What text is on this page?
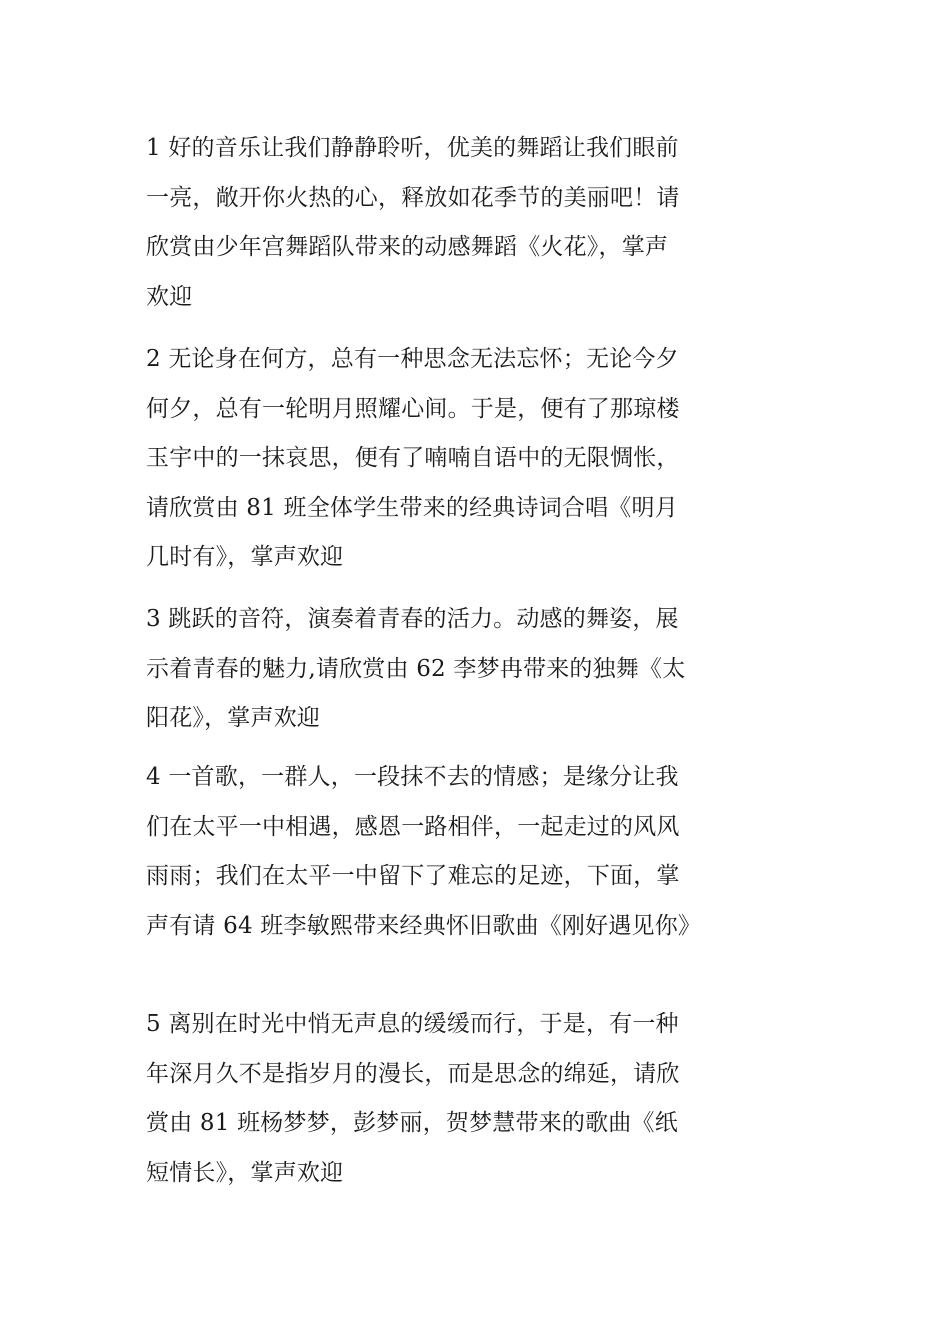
1 好的音乐让我们静静聆听，优美的舞蹈让我们眼前
一亮，敞开你火热的心，释放如花季节的美丽吧！请
欣赏由少年宫舞蹈队带来的动感舞蹈《火花》，掌声
欢迎

2 无论身在何方，总有一种思念无法忘怀；无论今夕
何夕，总有一轮明月照耀心间。于是，便有了那琼楼
玉宇中的一抹哀思，便有了喃喃自语中的无限惆怅，
请欣赏由 81 班全体学生带来的经典诗词合唱《明月
几时有》，掌声欢迎

3 跳跃的音符，演奏着青春的活力。动感的舞姿，展
示着青春的魅力,请欣赏由 62 李梦冉带来的独舞《太
阳花》，掌声欢迎

4 一首歌，一群人，一段抹不去的情感；是缘分让我
们在太平一中相遇，感恩一路相伴，一起走过的风风
雨雨；我们在太平一中留下了难忘的足迹，下面，掌
声有请 64 班李敏熙带来经典怀旧歌曲《刚好遇见你》

5 离别在时光中悄无声息的缓缓而行，于是，有一种
年深月久不是指岁月的漫长，而是思念的绵延，请欣
赏由 81 班杨梦梦，彭梦丽，贺梦慧带来的歌曲《纸
短情长》，掌声欢迎
